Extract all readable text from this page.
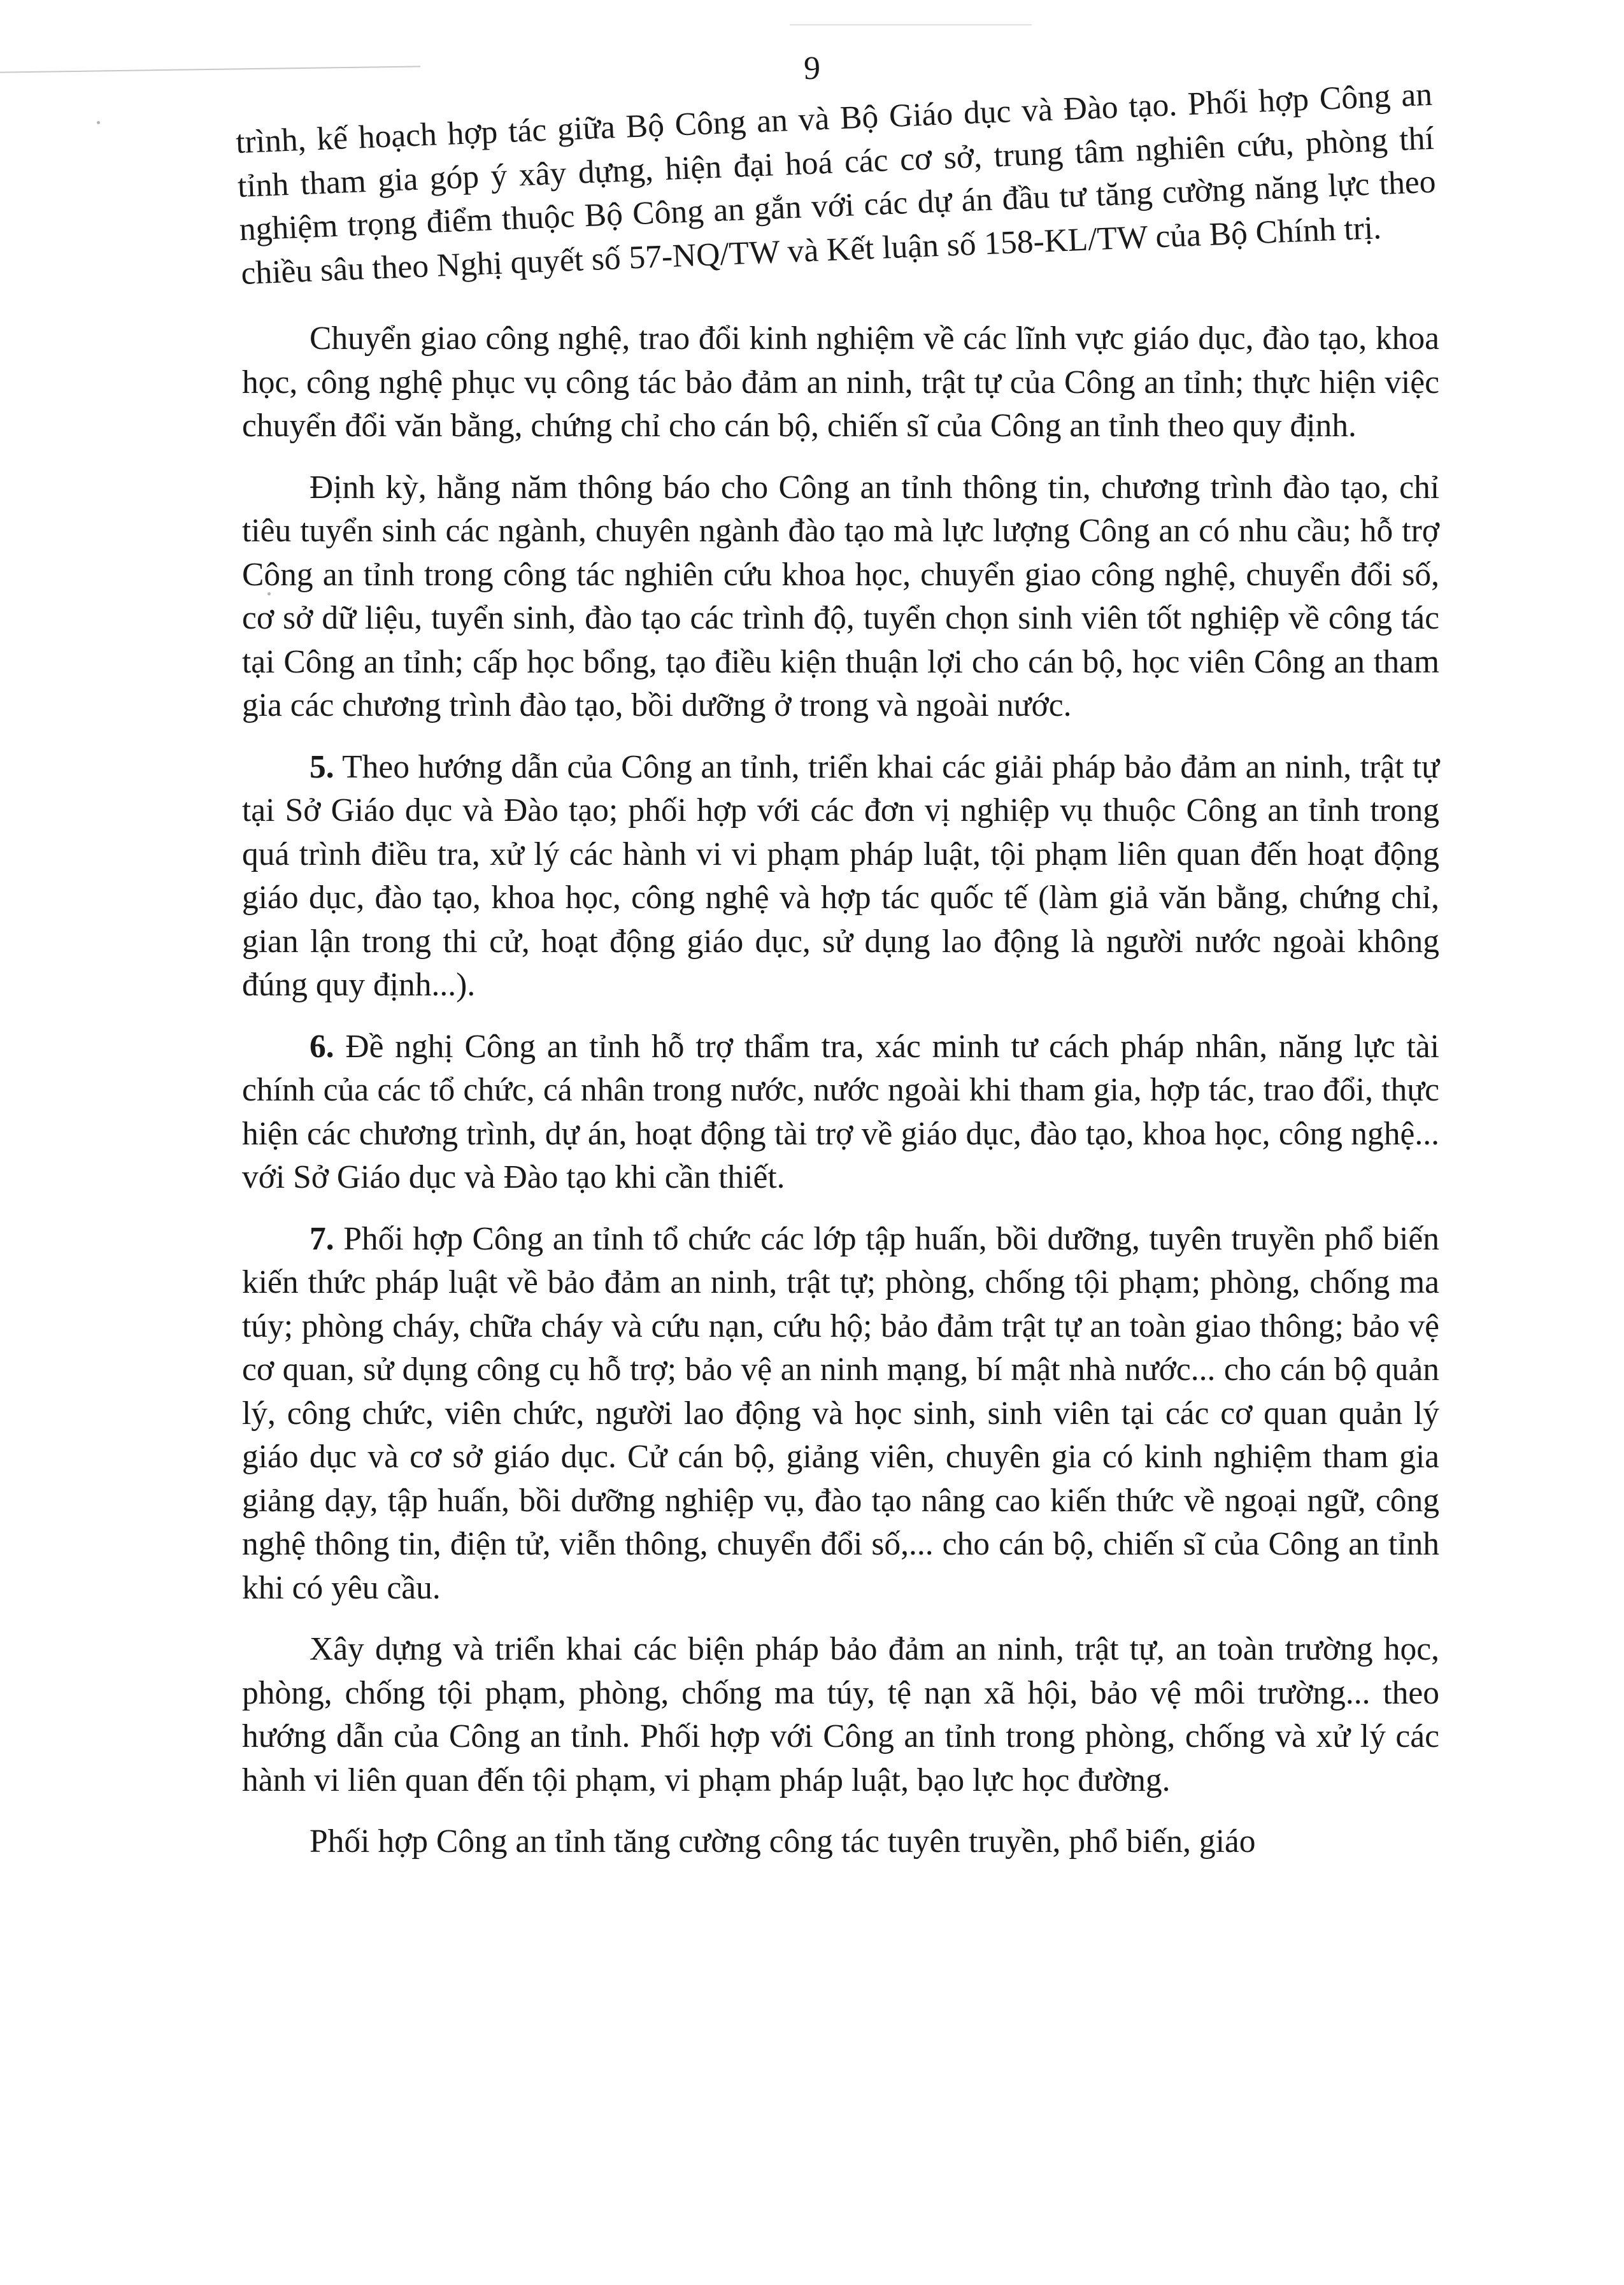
9

trình, kế hoạch hợp tác giữa Bộ Công an và Bộ Giáo dục và Đào tạo. Phối hợp Công an tỉnh tham gia góp ý xây dựng, hiện đại hoá các cơ sở, trung tâm nghiên cứu, phòng thí nghiệm trọng điểm thuộc Bộ Công an gắn với các dự án đầu tư tăng cường năng lực theo chiều sâu theo Nghị quyết số 57-NQ/TW và Kết luận số 158-KL/TW của Bộ Chính trị.

Chuyển giao công nghệ, trao đổi kinh nghiệm về các lĩnh vực giáo dục, đào tạo, khoa học, công nghệ phục vụ công tác bảo đảm an ninh, trật tự của Công an tỉnh; thực hiện việc chuyển đổi văn bằng, chứng chỉ cho cán bộ, chiến sĩ của Công an tỉnh theo quy định.

Định kỳ, hằng năm thông báo cho Công an tỉnh thông tin, chương trình đào tạo, chỉ tiêu tuyển sinh các ngành, chuyên ngành đào tạo mà lực lượng Công an có nhu cầu; hỗ trợ Công an tỉnh trong công tác nghiên cứu khoa học, chuyển giao công nghệ, chuyển đổi số, cơ sở dữ liệu, tuyển sinh, đào tạo các trình độ, tuyển chọn sinh viên tốt nghiệp về công tác tại Công an tỉnh; cấp học bổng, tạo điều kiện thuận lợi cho cán bộ, học viên Công an tham gia các chương trình đào tạo, bồi dưỡng ở trong và ngoài nước.

5. Theo hướng dẫn của Công an tỉnh, triển khai các giải pháp bảo đảm an ninh, trật tự tại Sở Giáo dục và Đào tạo; phối hợp với các đơn vị nghiệp vụ thuộc Công an tỉnh trong quá trình điều tra, xử lý các hành vi vi phạm pháp luật, tội phạm liên quan đến hoạt động giáo dục, đào tạo, khoa học, công nghệ và hợp tác quốc tế (làm giả văn bằng, chứng chỉ, gian lận trong thi cử, hoạt động giáo dục, sử dụng lao động là người nước ngoài không đúng quy định...).

6. Đề nghị Công an tỉnh hỗ trợ thẩm tra, xác minh tư cách pháp nhân, năng lực tài chính của các tổ chức, cá nhân trong nước, nước ngoài khi tham gia, hợp tác, trao đổi, thực hiện các chương trình, dự án, hoạt động tài trợ về giáo dục, đào tạo, khoa học, công nghệ... với Sở Giáo dục và Đào tạo khi cần thiết.

7. Phối hợp Công an tỉnh tổ chức các lớp tập huấn, bồi dưỡng, tuyên truyền phổ biến kiến thức pháp luật về bảo đảm an ninh, trật tự; phòng, chống tội phạm; phòng, chống ma túy; phòng cháy, chữa cháy và cứu nạn, cứu hộ; bảo đảm trật tự an toàn giao thông; bảo vệ cơ quan, sử dụng công cụ hỗ trợ; bảo vệ an ninh mạng, bí mật nhà nước... cho cán bộ quản lý, công chức, viên chức, người lao động và học sinh, sinh viên tại các cơ quan quản lý giáo dục và cơ sở giáo dục. Cử cán bộ, giảng viên, chuyên gia có kinh nghiệm tham gia giảng dạy, tập huấn, bồi dưỡng nghiệp vụ, đào tạo nâng cao kiến thức về ngoại ngữ, công nghệ thông tin, điện tử, viễn thông, chuyển đổi số,... cho cán bộ, chiến sĩ của Công an tỉnh khi có yêu cầu.

Xây dựng và triển khai các biện pháp bảo đảm an ninh, trật tự, an toàn trường học, phòng, chống tội phạm, phòng, chống ma túy, tệ nạn xã hội, bảo vệ môi trường... theo hướng dẫn của Công an tỉnh. Phối hợp với Công an tỉnh trong phòng, chống và xử lý các hành vi liên quan đến tội phạm, vi phạm pháp luật, bạo lực học đường.

Phối hợp Công an tỉnh tăng cường công tác tuyên truyền, phổ biến, giáo
